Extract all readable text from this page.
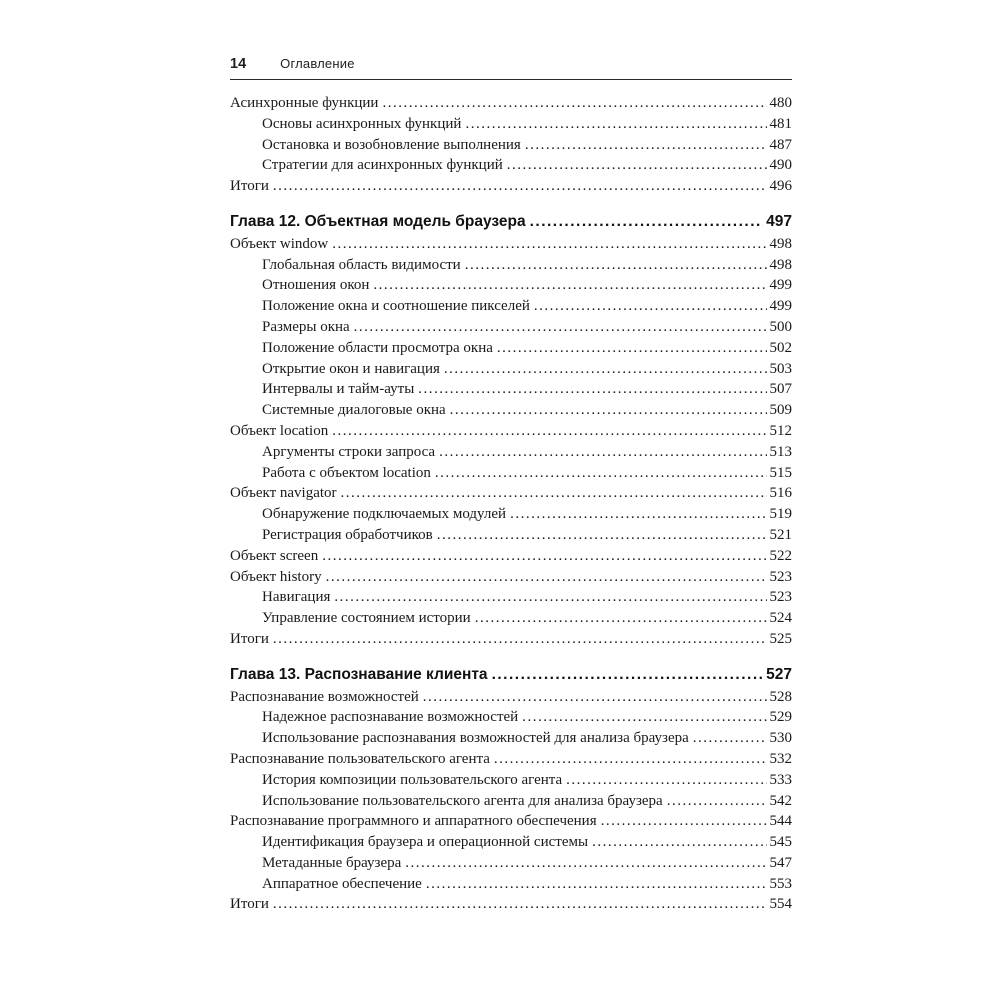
14	Оглавление
Асинхронные функции .....	480
Основы асинхронных функций .....	481
Остановка и возобновление выполнения .....	487
Стратегии для асинхронных функций .....	490
Итоги .....	496
Глава 12. Объектная модель браузера .....	497
Объект window .....	498
Глобальная область видимости .....	498
Отношения окон .....	499
Положение окна и соотношение пикселей .....	499
Размеры окна .....	500
Положение области просмотра окна .....	502
Открытие окон и навигация .....	503
Интервалы и тайм-ауты .....	507
Системные диалоговые окна .....	509
Объект location .....	512
Аргументы строки запроса .....	513
Работа с объектом location .....	515
Объект navigator .....	516
Обнаружение подключаемых модулей .....	519
Регистрация обработчиков .....	521
Объект screen .....	522
Объект history .....	523
Навигация .....	523
Управление состоянием истории .....	524
Итоги .....	525
Глава 13. Распознавание клиента .....	527
Распознавание возможностей .....	528
Надежное распознавание возможностей .....	529
Использование распознавания возможностей для анализа браузера .....	530
Распознавание пользовательского агента .....	532
История композиции пользовательского агента .....	533
Использование пользовательского агента для анализа браузера .....	542
Распознавание программного и аппаратного обеспечения .....	544
Идентификация браузера и операционной системы .....	545
Метаданные браузера .....	547
Аппаратное обеспечение .....	553
Итоги .....	554
